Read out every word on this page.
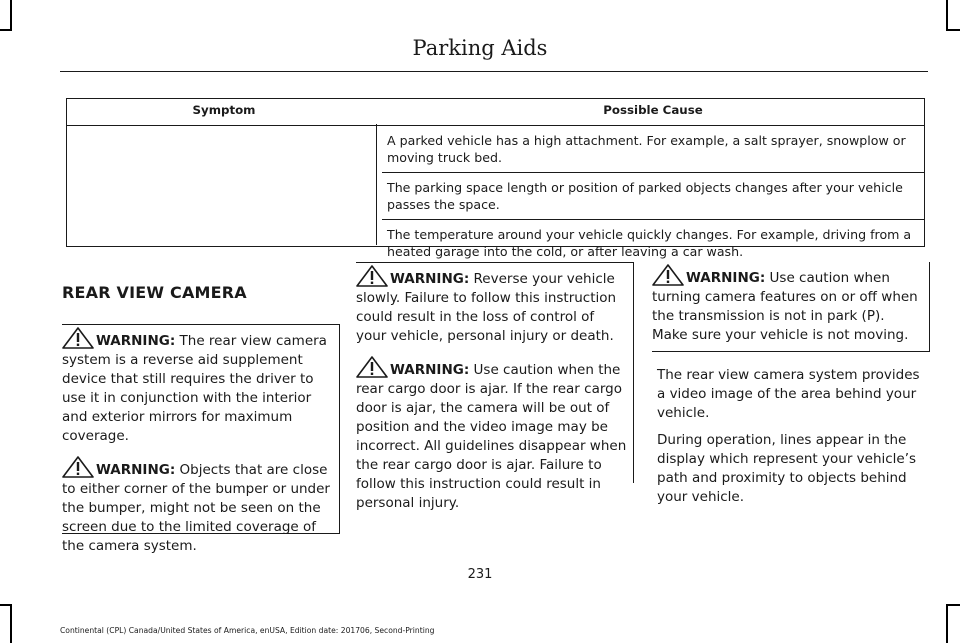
Parking Aids
Symptom	Possible Cause
	A parked vehicle has a high attachment. For example, a salt sprayer, snowplow or moving truck bed.
	The parking space length or position of parked objects changes after your vehicle passes the space.
	The temperature around your vehicle quickly changes. For example, driving from a heated garage into the cold, or after leaving a car wash.
REAR VIEW CAMERA

WARNING: The rear view camera system is a reverse aid supplement device that still requires the driver to use it in conjunction with the interior and exterior mirrors for maximum coverage.

WARNING: Objects that are close to either corner of the bumper or under the bumper, might not be seen on the screen due to the limited coverage of the camera system.

WARNING: Reverse your vehicle slowly. Failure to follow this instruction could result in the loss of control of your vehicle, personal injury or death.

WARNING: Use caution when the rear cargo door is ajar. If the rear cargo door is ajar, the camera will be out of position and the video image may be incorrect. All guidelines disappear when the rear cargo door is ajar. Failure to follow this instruction could result in personal injury.

WARNING: Use caution when turning camera features on or off when the transmission is not in park (P). Make sure your vehicle is not moving.

The rear view camera system provides a video image of the area behind your vehicle.

During operation, lines appear in the display which represent your vehicle’s path and proximity to objects behind your vehicle.

231
Continental (CPL) Canada/United States of America, enUSA, Edition date: 201706, Second-Printing
